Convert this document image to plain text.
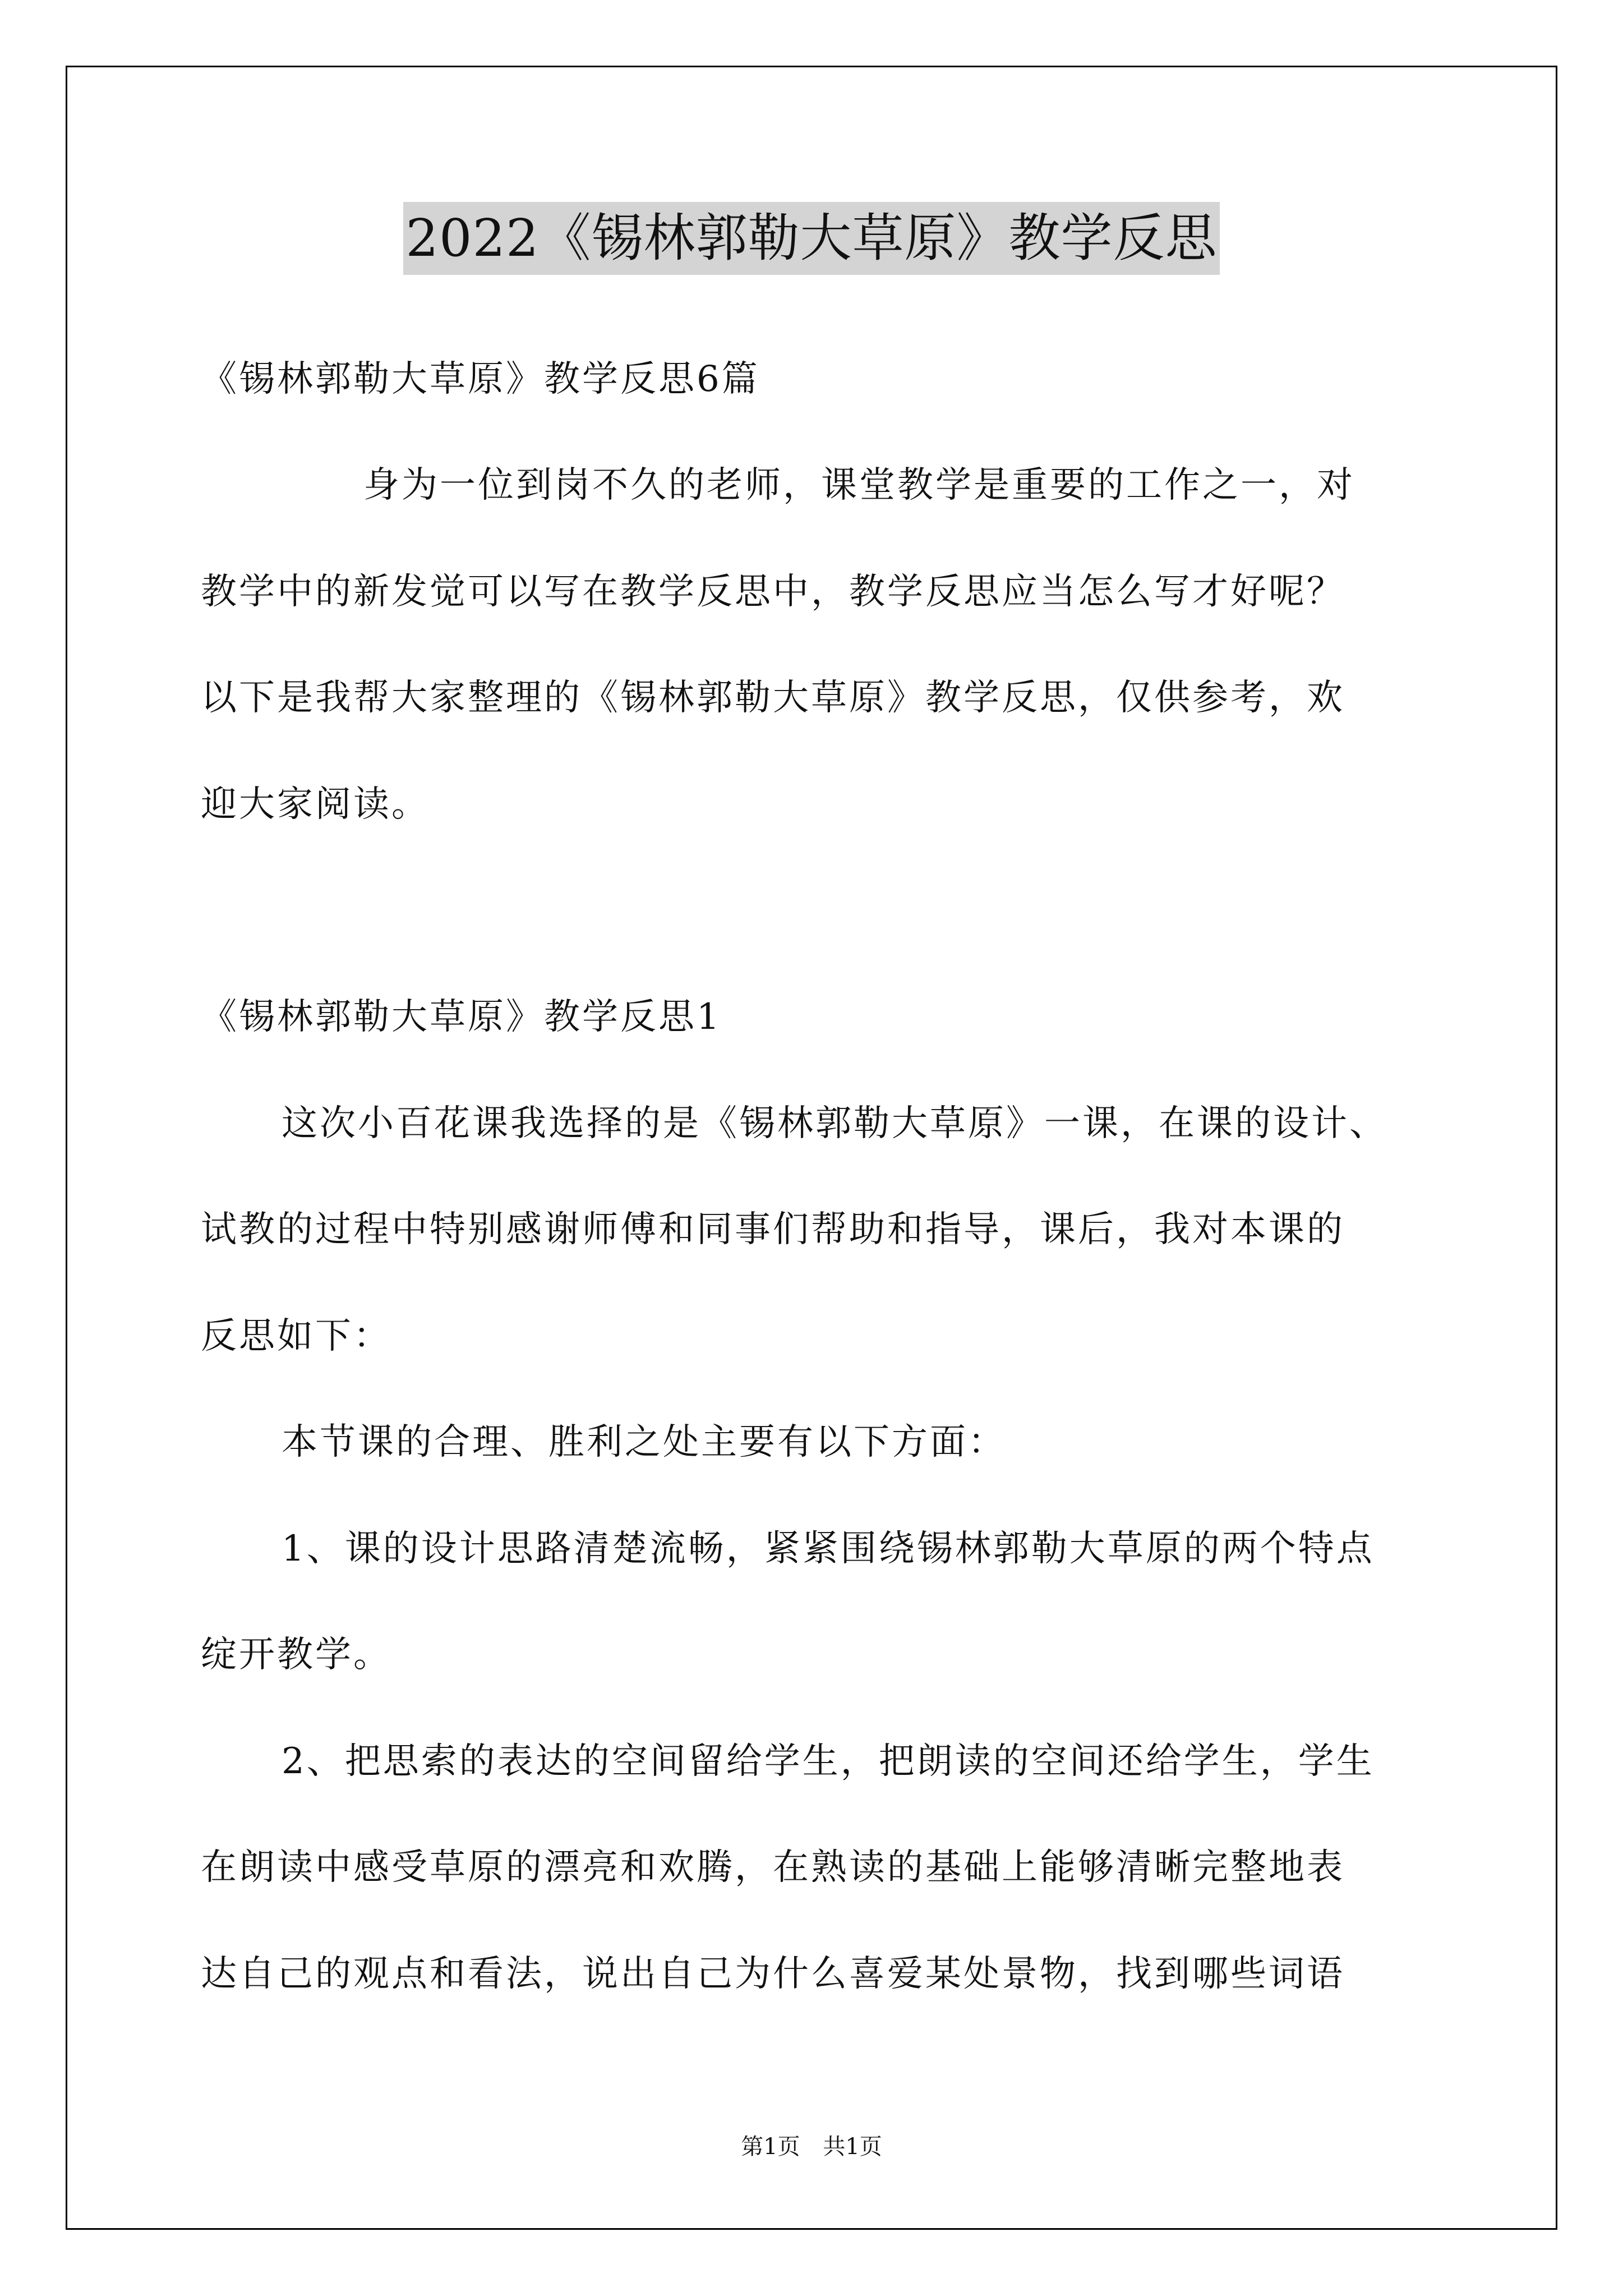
2022《锡林郭勒大草原》教学反思
《锡林郭勒大草原》教学反思6篇
身为一位到岗不久的老师，课堂教学是重要的工作之一，对
教学中的新发觉可以写在教学反思中，教学反思应当怎么写才好呢？
以下是我帮大家整理的《锡林郭勒大草原》教学反思，仅供参考，欢
迎大家阅读。
《锡林郭勒大草原》教学反思1
这次小百花课我选择的是《锡林郭勒大草原》一课，在课的设计、
试教的过程中特别感谢师傅和同事们帮助和指导，课后，我对本课的
反思如下：
本节课的合理、胜利之处主要有以下方面：
1、课的设计思路清楚流畅，紧紧围绕锡林郭勒大草原的两个特点
绽开教学。
2、把思索的表达的空间留给学生，把朗读的空间还给学生，学生
在朗读中感受草原的漂亮和欢腾，在熟读的基础上能够清晰完整地表
达自己的观点和看法，说出自己为什么喜爱某处景物，找到哪些词语
第1页 共1页
